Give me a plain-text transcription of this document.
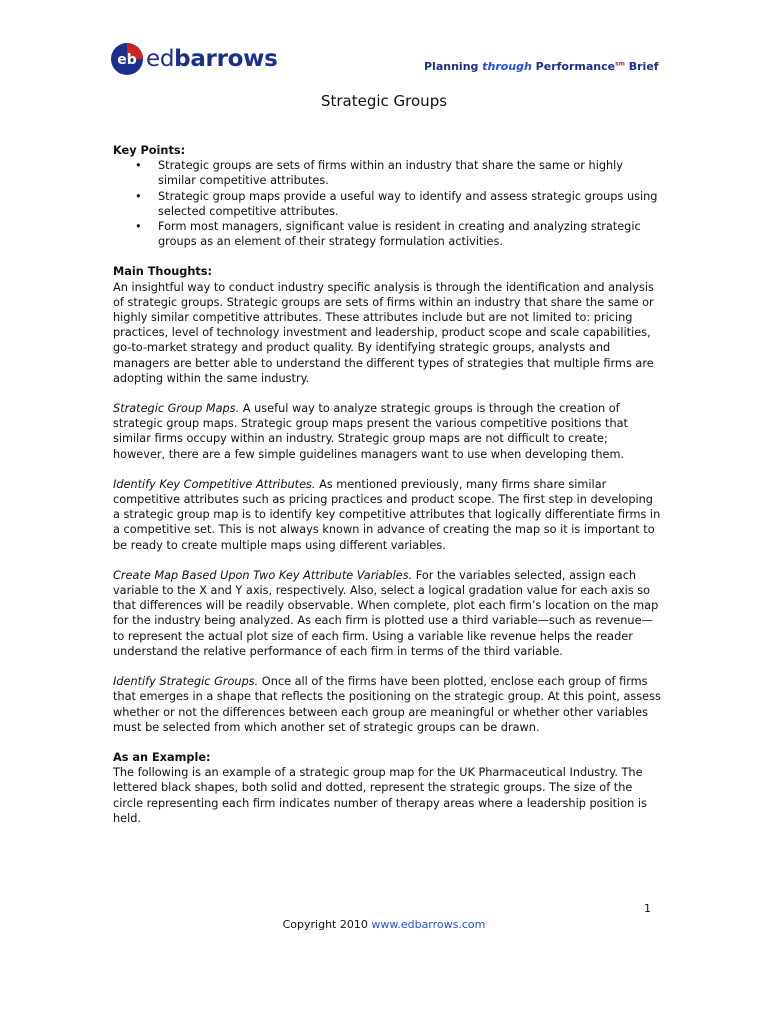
eb edbarrows	Planning through Performance$^{sm}$ Brief
Strategic Groups

Key Points:

• Strategic groups are sets of firms within an industry that share the same or highly similar competitive attributes.
• Strategic group maps provide a useful way to identify and assess strategic groups using selected competitive attributes.
• Form most managers, significant value is resident in creating and analyzing strategic groups as an element of their strategy formulation activities.

Main Thoughts:

An insightful way to conduct industry specific analysis is through the identification and analysis of strategic groups. Strategic groups are sets of firms within an industry that share the same or highly similar competitive attributes. These attributes include but are not limited to: pricing practices, level of technology investment and leadership, product scope and scale capabilities, go-to-market strategy and product quality. By identifying strategic groups, analysts and managers are better able to understand the different types of strategies that multiple firms are adopting within the same industry.

Strategic Group Maps. A useful way to analyze strategic groups is through the creation of strategic group maps. Strategic group maps present the various competitive positions that similar firms occupy within an industry. Strategic group maps are not difficult to create; however, there are a few simple guidelines managers want to use when developing them.

Identify Key Competitive Attributes. As mentioned previously, many firms share similar competitive attributes such as pricing practices and product scope. The first step in developing a strategic group map is to identify key competitive attributes that logically differentiate firms in a competitive set. This is not always known in advance of creating the map so it is important to be ready to create multiple maps using different variables.

Create Map Based Upon Two Key Attribute Variables. For the variables selected, assign each variable to the X and Y axis, respectively. Also, select a logical gradation value for each axis so that differences will be readily observable. When complete, plot each firm’s location on the map for the industry being analyzed. As each firm is plotted use a third variable—such as revenue—to represent the actual plot size of each firm. Using a variable like revenue helps the reader understand the relative performance of each firm in terms of the third variable.

Identify Strategic Groups. Once all of the firms have been plotted, enclose each group of firms that emerges in a shape that reflects the positioning on the strategic group. At this point, assess whether or not the differences between each group are meaningful or whether other variables must be selected from which another set of strategic groups can be drawn.

As an Example:

The following is an example of a strategic group map for the UK Pharmaceutical Industry. The lettered black shapes, both solid and dotted, represent the strategic groups. The size of the circle representing each firm indicates number of therapy areas where a leadership position is held.

1
Copyright 2010 www.edbarrows.com
